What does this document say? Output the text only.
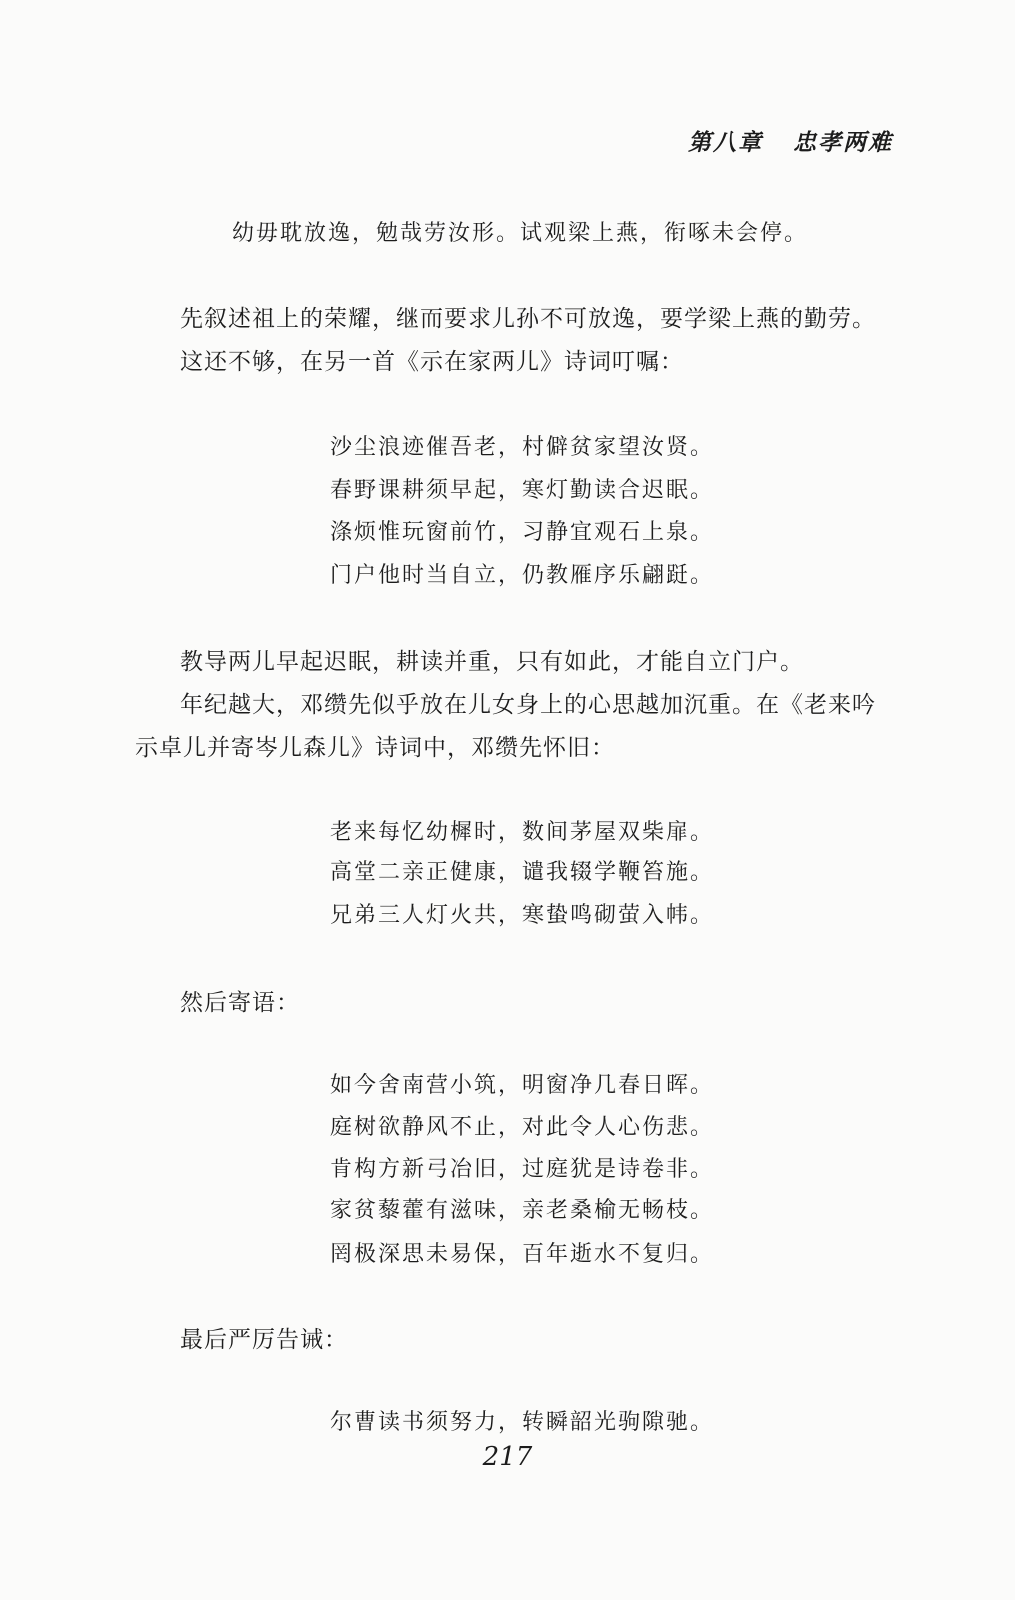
第八章 忠孝两难
幼毋耽放逸，勉哉劳汝形。试观梁上燕，衔啄未会停。
先叙述祖上的荣耀，继而要求儿孙不可放逸，要学梁上燕的勤劳。
这还不够，在另一首《示在家两儿》诗词叮嘱：
沙尘浪迹催吾老，村僻贫家望汝贤。
春野课耕须早起，寒灯勤读合迟眠。
涤烦惟玩窗前竹，习静宜观石上泉。
门户他时当自立，仍教雁序乐翩跹。
教导两儿早起迟眠，耕读并重，只有如此，才能自立门户。
年纪越大，邓缵先似乎放在儿女身上的心思越加沉重。在《老来吟
示卓儿并寄岑儿森儿》诗词中，邓缵先怀旧：
老来每忆幼樨时，数间茅屋双柴扉。
高堂二亲正健康，谴我辍学鞭笞施。
兄弟三人灯火共，寒蛰鸣砌萤入帏。
然后寄语：
如今舍南营小筑，明窗净几春日晖。
庭树欲静风不止，对此令人心伤悲。
肯构方新弓冶旧，过庭犹是诗卷非。
家贫藜藿有滋味，亲老桑榆无畅枝。
罔极深思未易保，百年逝水不复归。
最后严厉告诫：
尔曹读书须努力，转瞬韶光驹隙驰。
217
